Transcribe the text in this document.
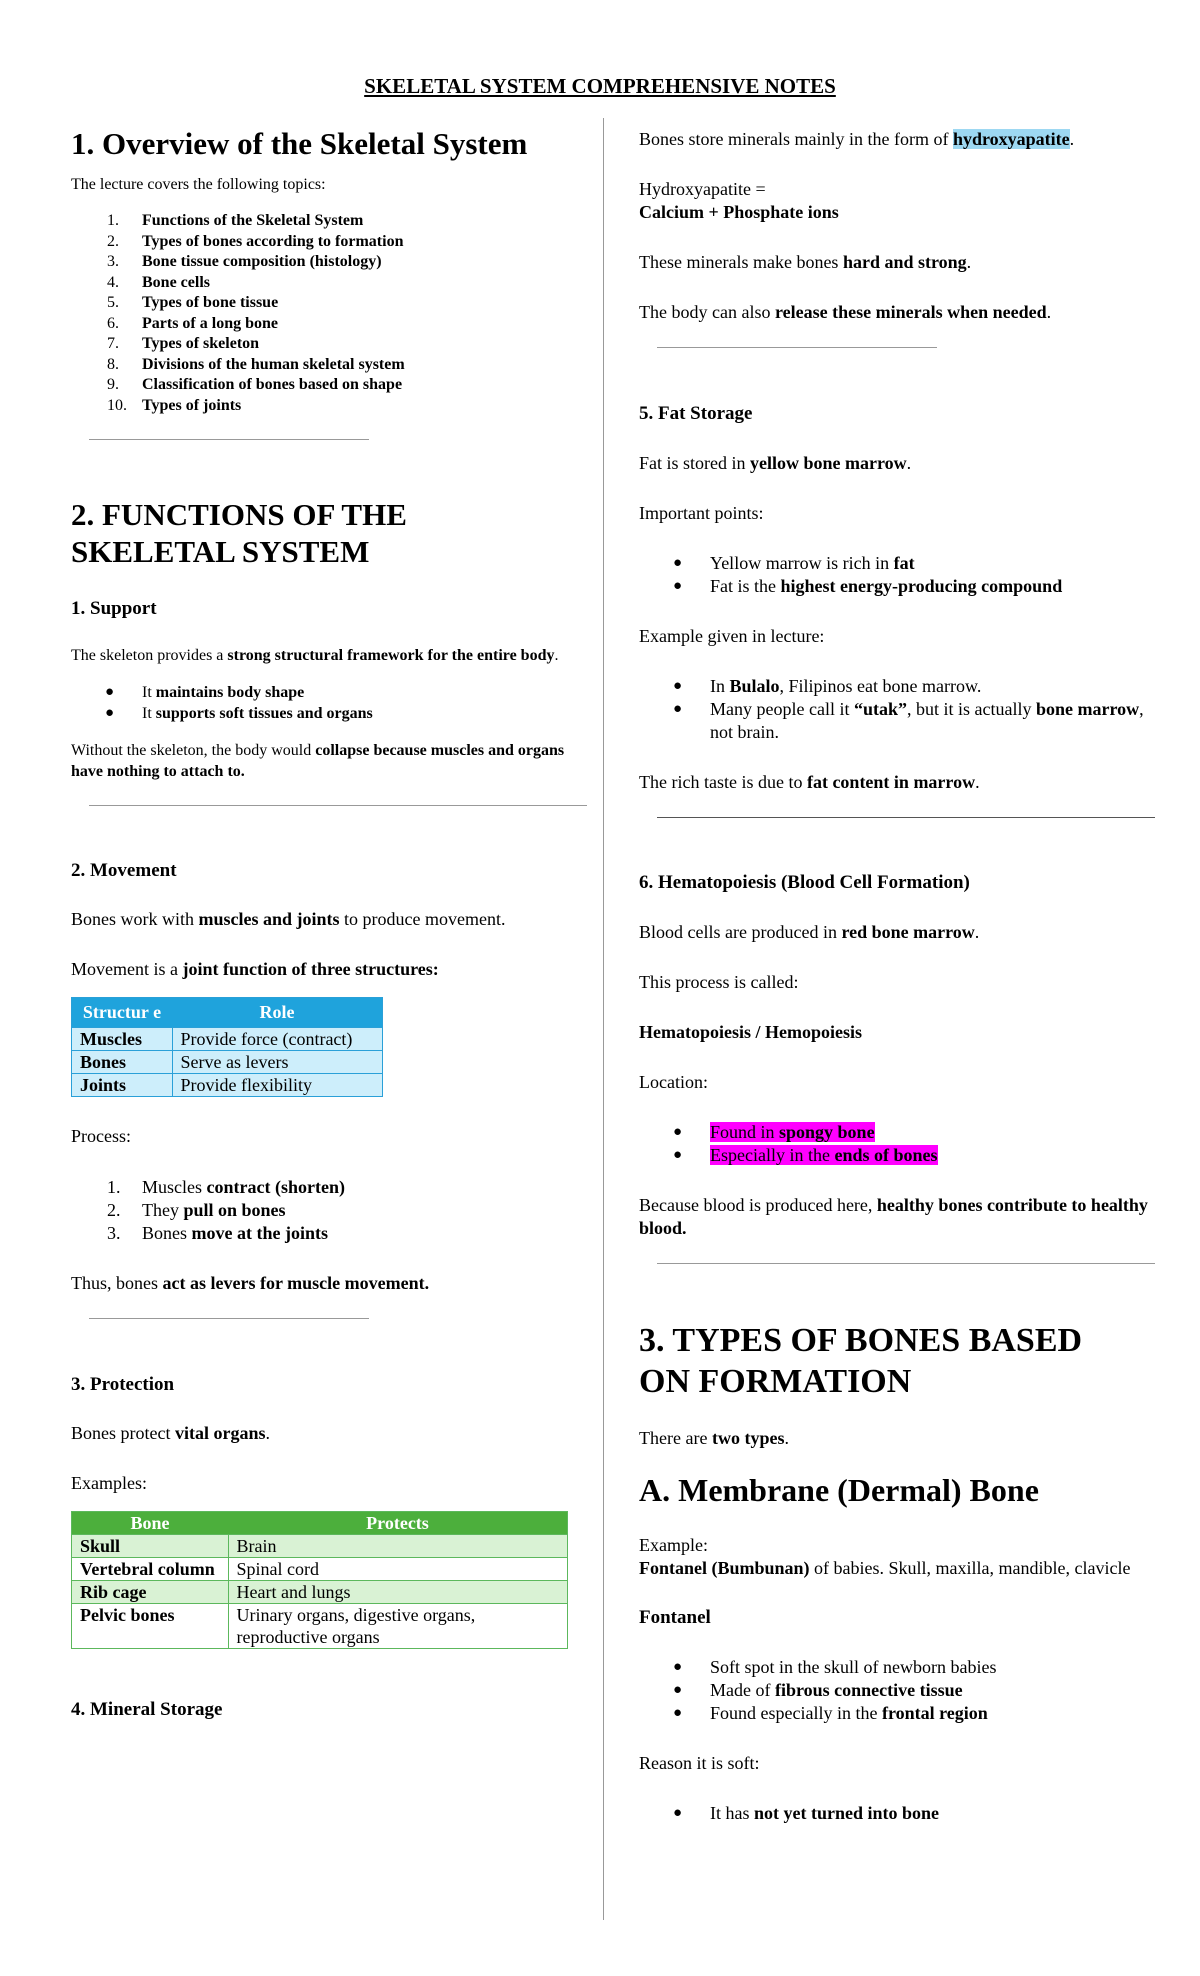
SKELETAL SYSTEM COMPREHENSIVE NOTES
1. Overview of the Skeletal System

The lecture covers the following topics:

1. Functions of the Skeletal System
2. Types of bones according to formation
3. Bone tissue composition (histology)
4. Bone cells
5. Types of bone tissue
6. Parts of a long bone
7. Types of skeleton
8. Divisions of the human skeletal system
9. Classification of bones based on shape
10. Types of joints
2. FUNCTIONS OF THE
SKELETAL SYSTEM
1. Support

The skeleton provides a strong structural framework for the entire body.

● It maintains body shape
● It supports soft tissues and organs

Without the skeleton, the body would collapse because muscles and organs have nothing to attach to.

2. Movement

Bones work with muscles and joints to produce movement.

Movement is a joint function of three structures:

Structur e	Role
Muscles	Provide force (contract)
Bones	Serve as levers
Joints	Provide flexibility

Process:

1. Muscles contract (shorten)
2. They pull on bones
3. Bones move at the joints

Thus, bones act as levers for muscle movement.

3. Protection

Bones protect vital organs.

Examples:

Bone	Protects
Skull	Brain
Vertebral column	Spinal cord
Rib cage	Heart and lungs
Pelvic bones	Urinary organs, digestive organs, reproductive organs
4. Mineral Storage

Bones store minerals mainly in the form of hydroxyapatite.

Hydroxyapatite =
Calcium + Phosphate ions

These minerals make bones hard and strong.

The body can also release these minerals when needed.

5. Fat Storage

Fat is stored in yellow bone marrow.

Important points:

● Yellow marrow is rich in fat
● Fat is the highest energy-producing compound

Example given in lecture:

● In Bulalo, Filipinos eat bone marrow.
● Many people call it “utak”, but it is actually bone marrow, not brain.

The rich taste is due to fat content in marrow.

6. Hematopoiesis (Blood Cell Formation)

Blood cells are produced in red bone marrow.

This process is called:

Hematopoiesis / Hemopoiesis

Location:

● Found in spongy bone
● Especially in the ends of bones

Because blood is produced here, healthy bones contribute to healthy blood.

3. TYPES OF BONES BASED
ON FORMATION

There are two types.

A. Membrane (Dermal) Bone

Example:
Fontanel (Bumbunan) of babies. Skull, maxilla, mandible, clavicle

Fontanel
● Soft spot in the skull of newborn babies
● Made of fibrous connective tissue
● Found especially in the frontal region

Reason it is soft:

● It has not yet turned into bone
